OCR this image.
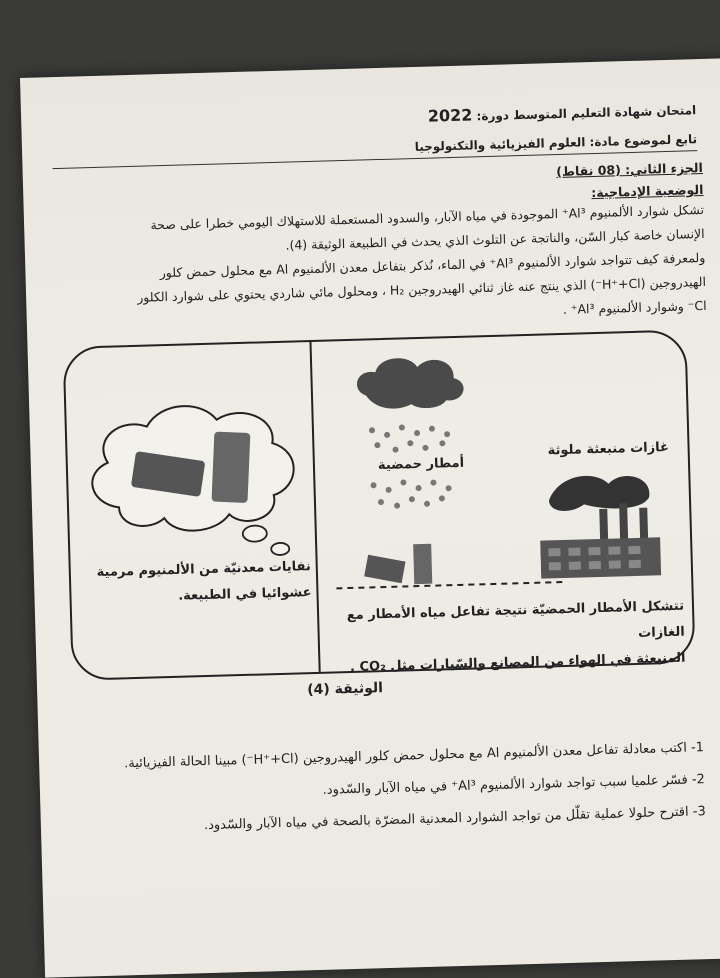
امتحان شهادة التعليم المتوسط دورة: 2022
تابع لموضوع مادة: العلوم الفيزيائية والتكنولوجيا
الجزء الثاني: (08 نقاط)
الوضعية الإدماجية:
تشكل شوارد الألمنيوم Al³⁺ الموجودة في مياه الآبار، والسدود المستعملة للاستهلاك اليومي خطرا على صحة
الإنسان خاصة كبار السّن، والناتجة عن التلوث الذي يحدث في الطبيعة الوثيقة (4).
ولمعرفة كيف تتواجد شوارد الألمنيوم Al³⁺ في الماء، نُذكر بتفاعل معدن الألمنيوم Al مع محلول حمض كلور
الهيدروجين (H⁺+Cl⁻) الذي ينتج عنه غاز ثنائي الهيدروجين H₂ ، ومحلول مائي شاردي يحتوي على شوارد الكلور
Cl⁻ وشوارد الألمنيوم Al³⁺ .
أمطار حمضية
غازات منبعثة ملوثة
تتشكل الأمطار الحمضيّة نتيجة تفاعل مياه الأمطار مع الغازات
المنبعثة في الهواء من المصانع والسّيارات مثل CO₂ .
نفايات معدنيّة من الألمنيوم مرمية
عشوائيا في الطبيعة.
الوثيقة (4)
1- اكتب معادلة تفاعل معدن الألمنيوم Al مع محلول حمض كلور الهيدروجين (H⁺+Cl⁻) مبينا الحالة الفيزيائية.
2- فسّر علميا سبب تواجد شوارد الألمنيوم Al³⁺ في مياه الآبار والسّدود.
3- اقترح حلولا عملية تقلّل من تواجد الشوارد المعدنية المضرّة بالصحة في مياه الآبار والسّدود.
